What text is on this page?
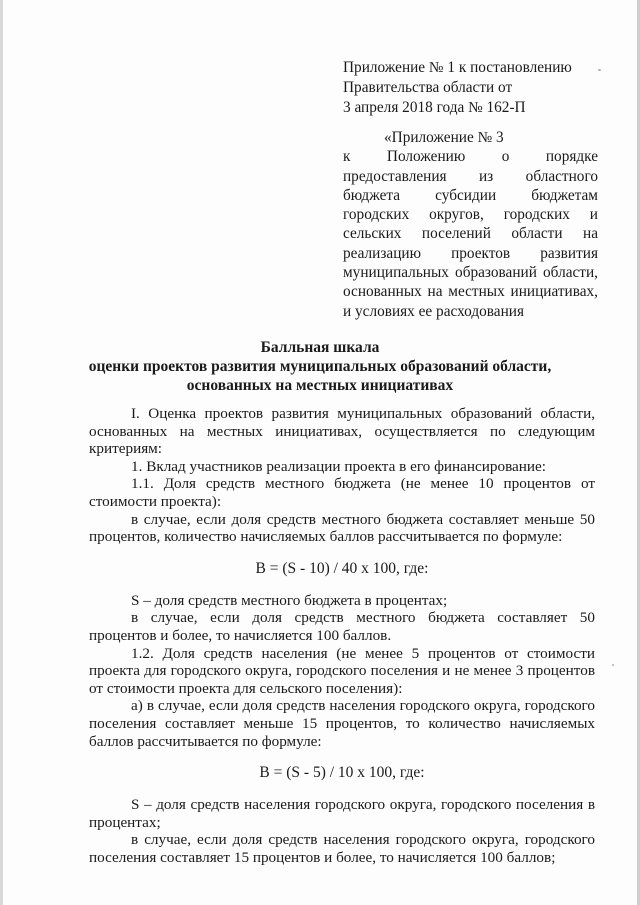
Приложение № 1 к постановлению
Правительства области от
3 апреля 2018 года № 162-П
«Приложение № 3
к Положению о порядке предоставления из областного бюджета субсидии бюджетам городских округов, городских и сельских поселений области на реализацию проектов развития муниципальных образований области, основанных на местных инициативах, и условиях ее расходования
Балльная шкала
оценки проектов развития муниципальных образований области,
основанных на местных инициативах

I. Оценка проектов развития муниципальных образований области, основанных на местных инициативах, осуществляется по следующим критериям:

1. Вклад участников реализации проекта в его финансирование:

1.1. Доля средств местного бюджета (не менее 10 процентов от стоимости проекта):

в случае, если доля средств местного бюджета составляет меньше 50 процентов, количество начисляемых баллов рассчитывается по формуле:

В = (S - 10) / 40 х 100, где:

S – доля средств местного бюджета в процентах;

в случае, если доля средств местного бюджета составляет 50 процентов и более, то начисляется 100 баллов.

1.2. Доля средств населения (не менее 5 процентов от стоимости проекта для городского округа, городского поселения и не менее 3 процентов от стоимости проекта для сельского поселения):

а) в случае, если доля средств населения городского округа, городского поселения составляет меньше 15 процентов, то количество начисляемых баллов рассчитывается по формуле:

В = (S - 5) / 10 х 100, где:

S – доля средств населения городского округа, городского поселения в процентах;

в случае, если доля средств населения городского округа, городского поселения составляет 15 процентов и более, то начисляется 100 баллов;
